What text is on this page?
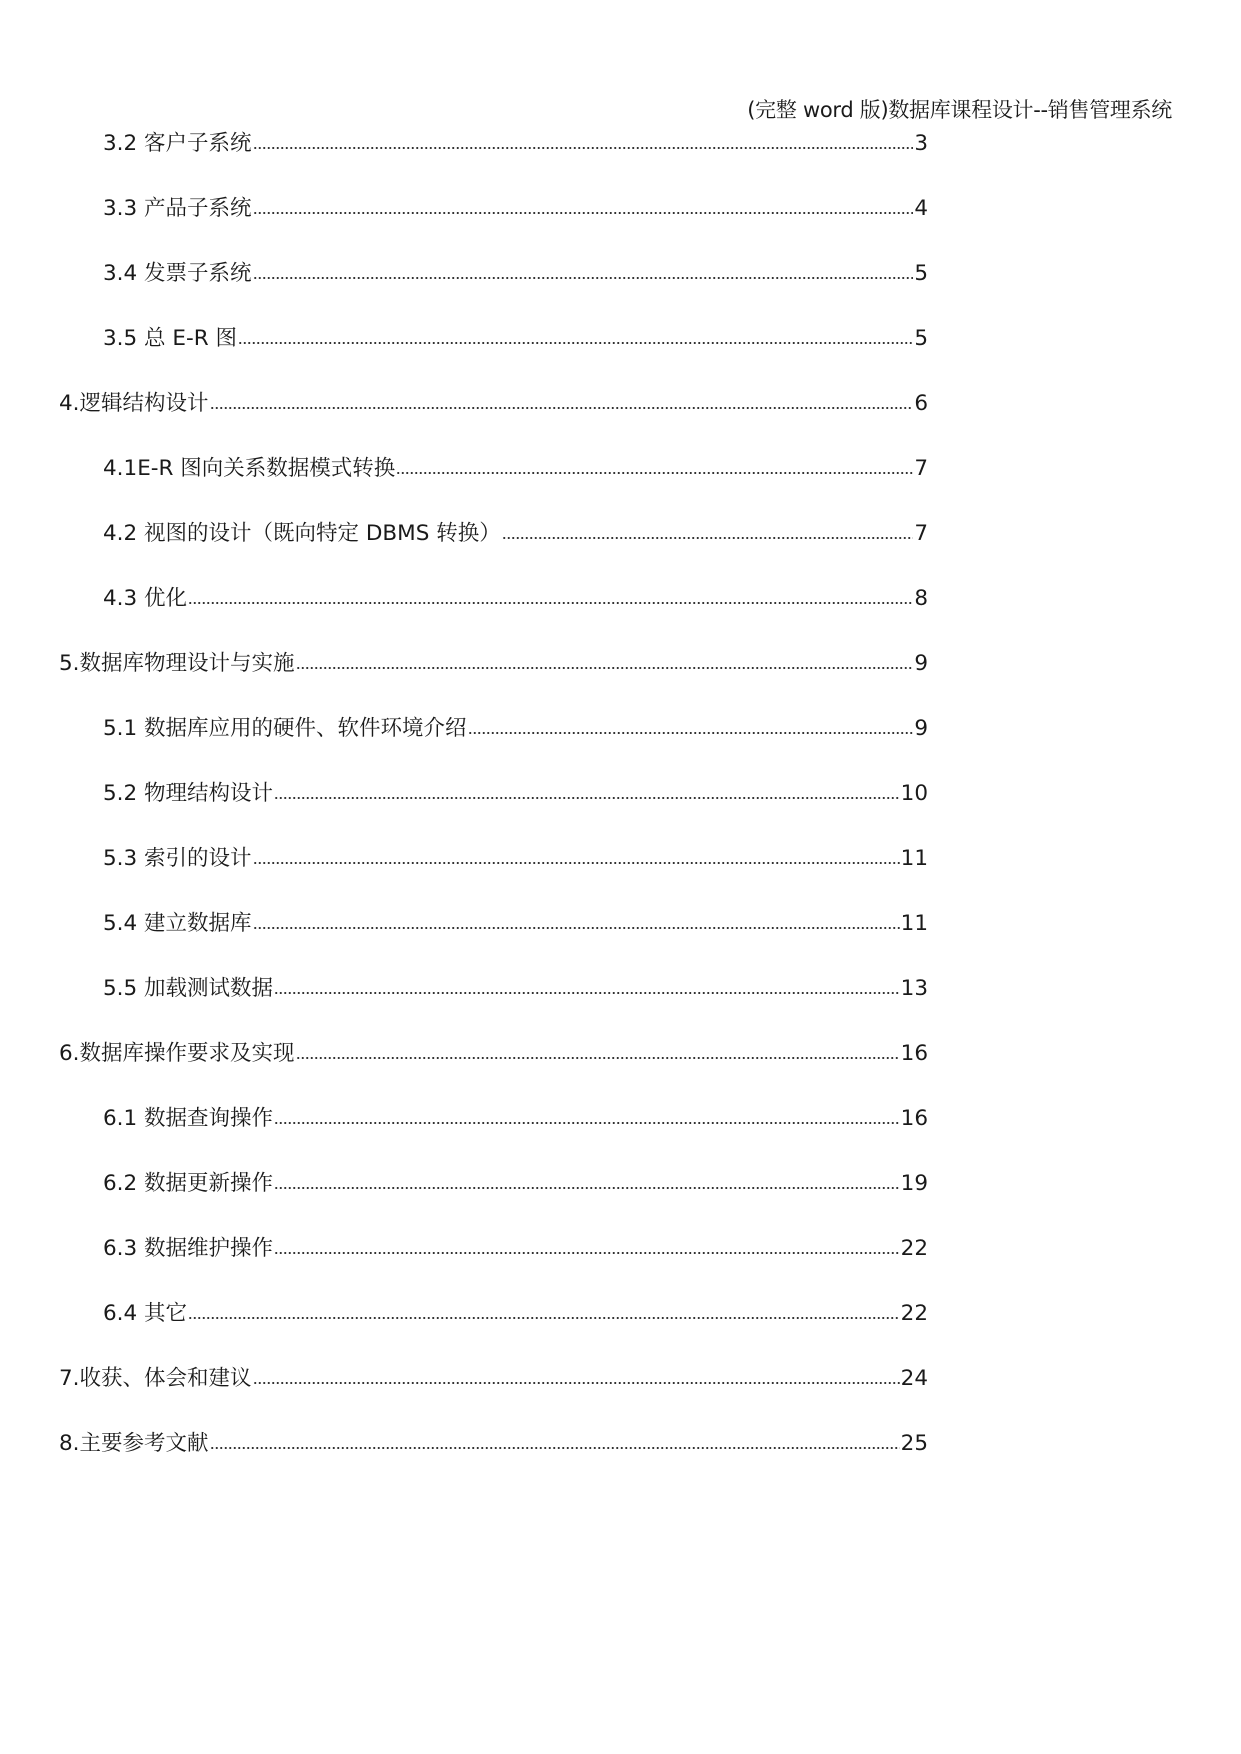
(完整 word 版)数据库课程设计--销售管理系统
3.2 客户子系统	3
3.3 产品子系统	4
3.4 发票子系统	5
3.5 总 E-R 图	5
4.逻辑结构设计	6
4.1E-R 图向关系数据模式转换	7
4.2 视图的设计（既向特定 DBMS 转换）	7
4.3 优化	8
5.数据库物理设计与实施	9
5.1 数据库应用的硬件、软件环境介绍	9
5.2 物理结构设计	10
5.3 索引的设计	11
5.4 建立数据库	11
5.5 加载测试数据	13
6.数据库操作要求及实现	16
6.1 数据查询操作	16
6.2 数据更新操作	19
6.3 数据维护操作	22
6.4 其它	22
7.收获、体会和建议	24
8.主要参考文献	25
